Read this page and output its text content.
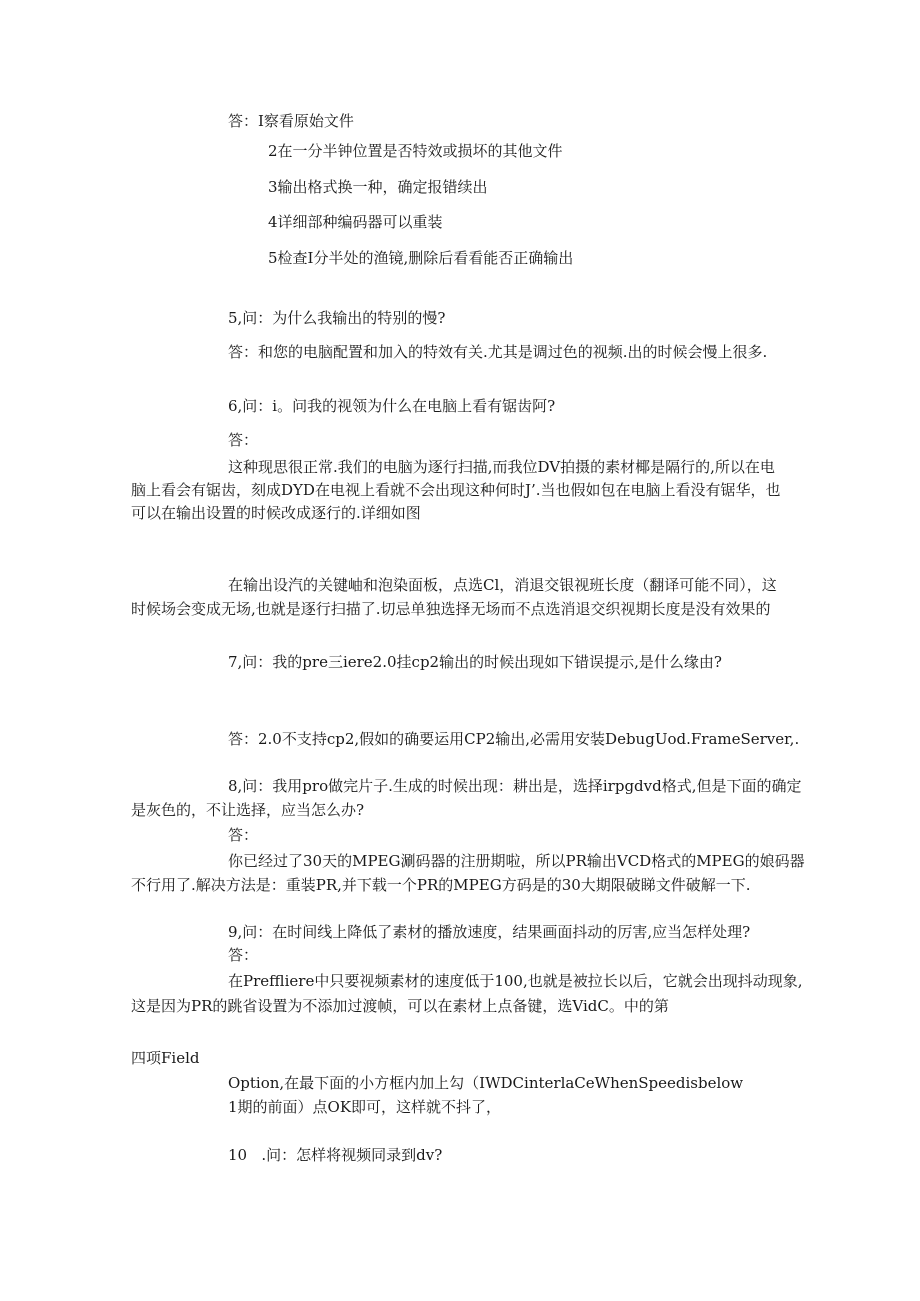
答：I察看原始文件

2在一分半钟位置是否特效或损坏的其他文件

3输出格式换一种，确定报错续出

4详细部种编码器可以重装

5检查I分半处的渔镜,删除后看看能否正确输出

5,问：为什么我输出的特别的慢?

答：和您的电脑配置和加入的特效有关.尤其是调过色的视频.出的时候会慢上很多.

6,问：i。问我的视领为什么在电脑上看有锯齿阿?

答：

这种现思很正常.我们的电脑为逐行扫描,而我位DV拍摄的素材椰是隔行的,所以在电

脑上看会有锯齿，刻成DYD在电视上看就不会出现这种何时J’.当也假如包在电脑上看没有锯华，也

可以在输出设置的时候改成逐行的.详细如图

在输出设汽的关键岫和泡染面板，点选Cl，消退交银视班长度（翻译可能不同），这

时候场会变成无场,也就是逐行扫描了.切忌单独选择无场而不点选消退交织视期长度是没有效果的

7,问：我的pre三iere2.0挂cp2输出的时候出现如下错误提示,是什么缘由?

答：2.0不支持cp2,假如的确要运用CP2输出,必需用安装DebugUod.FrameServer,.

8,问：我用pro做完片子.生成的时候出现：耕出是，选择irpgdvd格式,但是下面的确定

是灰色的，不让选择，应当怎么办?

答：

你已经过了30天的MPEG涮码器的注册期啦，所以PR输出VCD格式的MPEG的娘码器

不行用了.解决方法是：重装PR,并下载一个PR的MPEG方码是的30大期限破睇文件破解一下.

9,问：在时间线上降低了素材的播放速度，结果画面抖动的厉害,应当怎样处理?

答：

在Preffliere中只要视频素材的速度低于100,也就是被拉长以后，它就会出现抖动现象,

这是因为PR的跳省设置为不添加过渡帧，可以在素材上点备键，选VidC。中的第

四项Field

Option,在最下面的小方框内加上勾（IWDCinterlaCeWhenSpeedisbelow

1期的前面）点OK即可，这样就不抖了，

10   .问：怎样将视频同录到dv?
